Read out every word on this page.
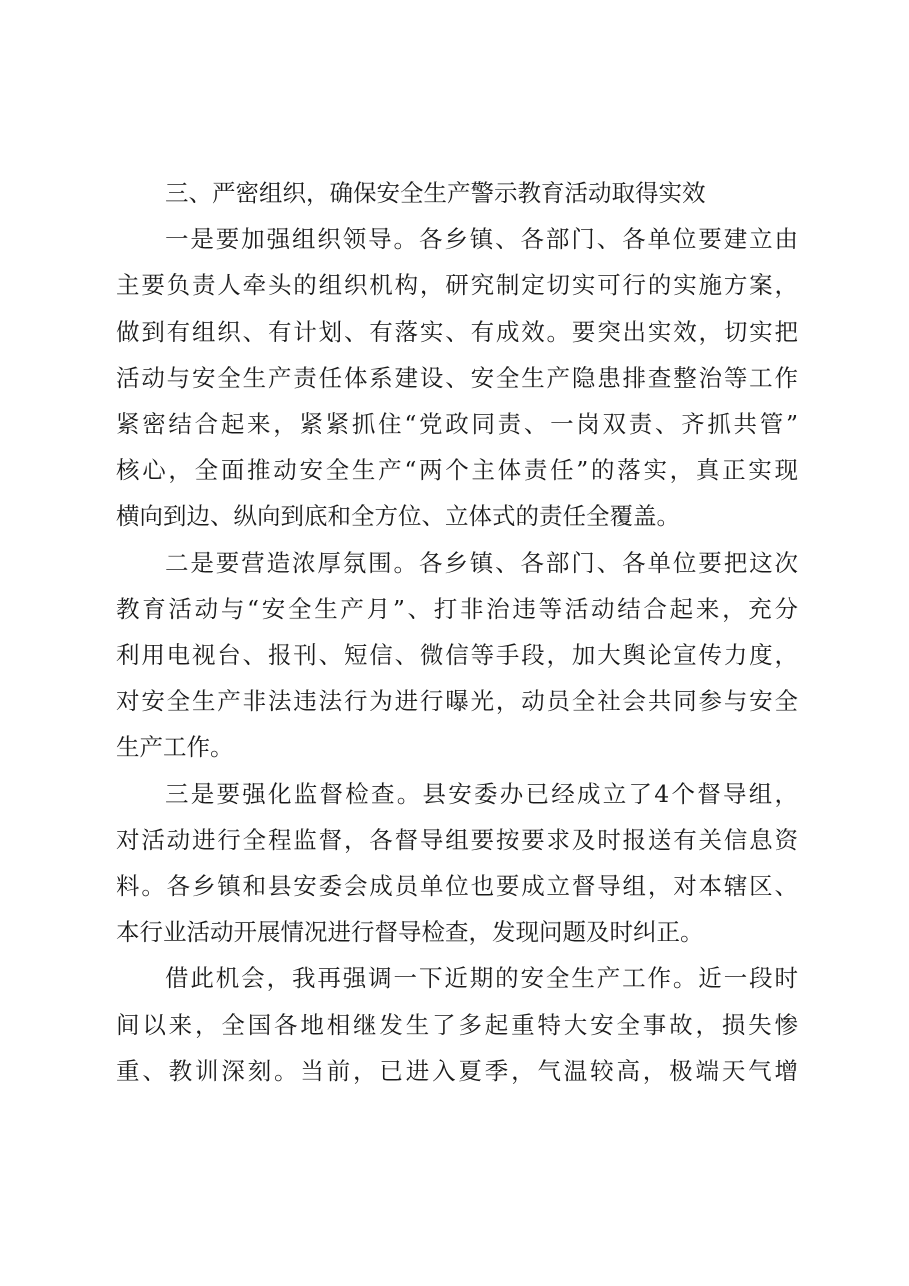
三、严密组织，确保安全生产警示教育活动取得实效

一是要加强组织领导。各乡镇、各部门、各单位要建立由

主要负责人牵头的组织机构，研究制定切实可行的实施方案，

做到有组织、有计划、有落实、有成效。要突出实效，切实把

活动与安全生产责任体系建设、安全生产隐患排查整治等工作

紧密结合起来，紧紧抓住“党政同责、一岗双责、齐抓共管”

核心，全面推动安全生产“两个主体责任”的落实，真正实现

横向到边、纵向到底和全方位、立体式的责任全覆盖。

二是要营造浓厚氛围。各乡镇、各部门、各单位要把这次

教育活动与“安全生产月”、打非治违等活动结合起来，充分

利用电视台、报刊、短信、微信等手段，加大舆论宣传力度，

对安全生产非法违法行为进行曝光，动员全社会共同参与安全

生产工作。

三是要强化监督检查。县安委办已经成立了4个督导组，

对活动进行全程监督，各督导组要按要求及时报送有关信息资

料。各乡镇和县安委会成员单位也要成立督导组，对本辖区、

本行业活动开展情况进行督导检查，发现问题及时纠正。

借此机会，我再强调一下近期的安全生产工作。近一段时

间以来，全国各地相继发生了多起重特大安全事故，损失惨

重、教训深刻。当前，已进入夏季，气温较高，极端天气增
